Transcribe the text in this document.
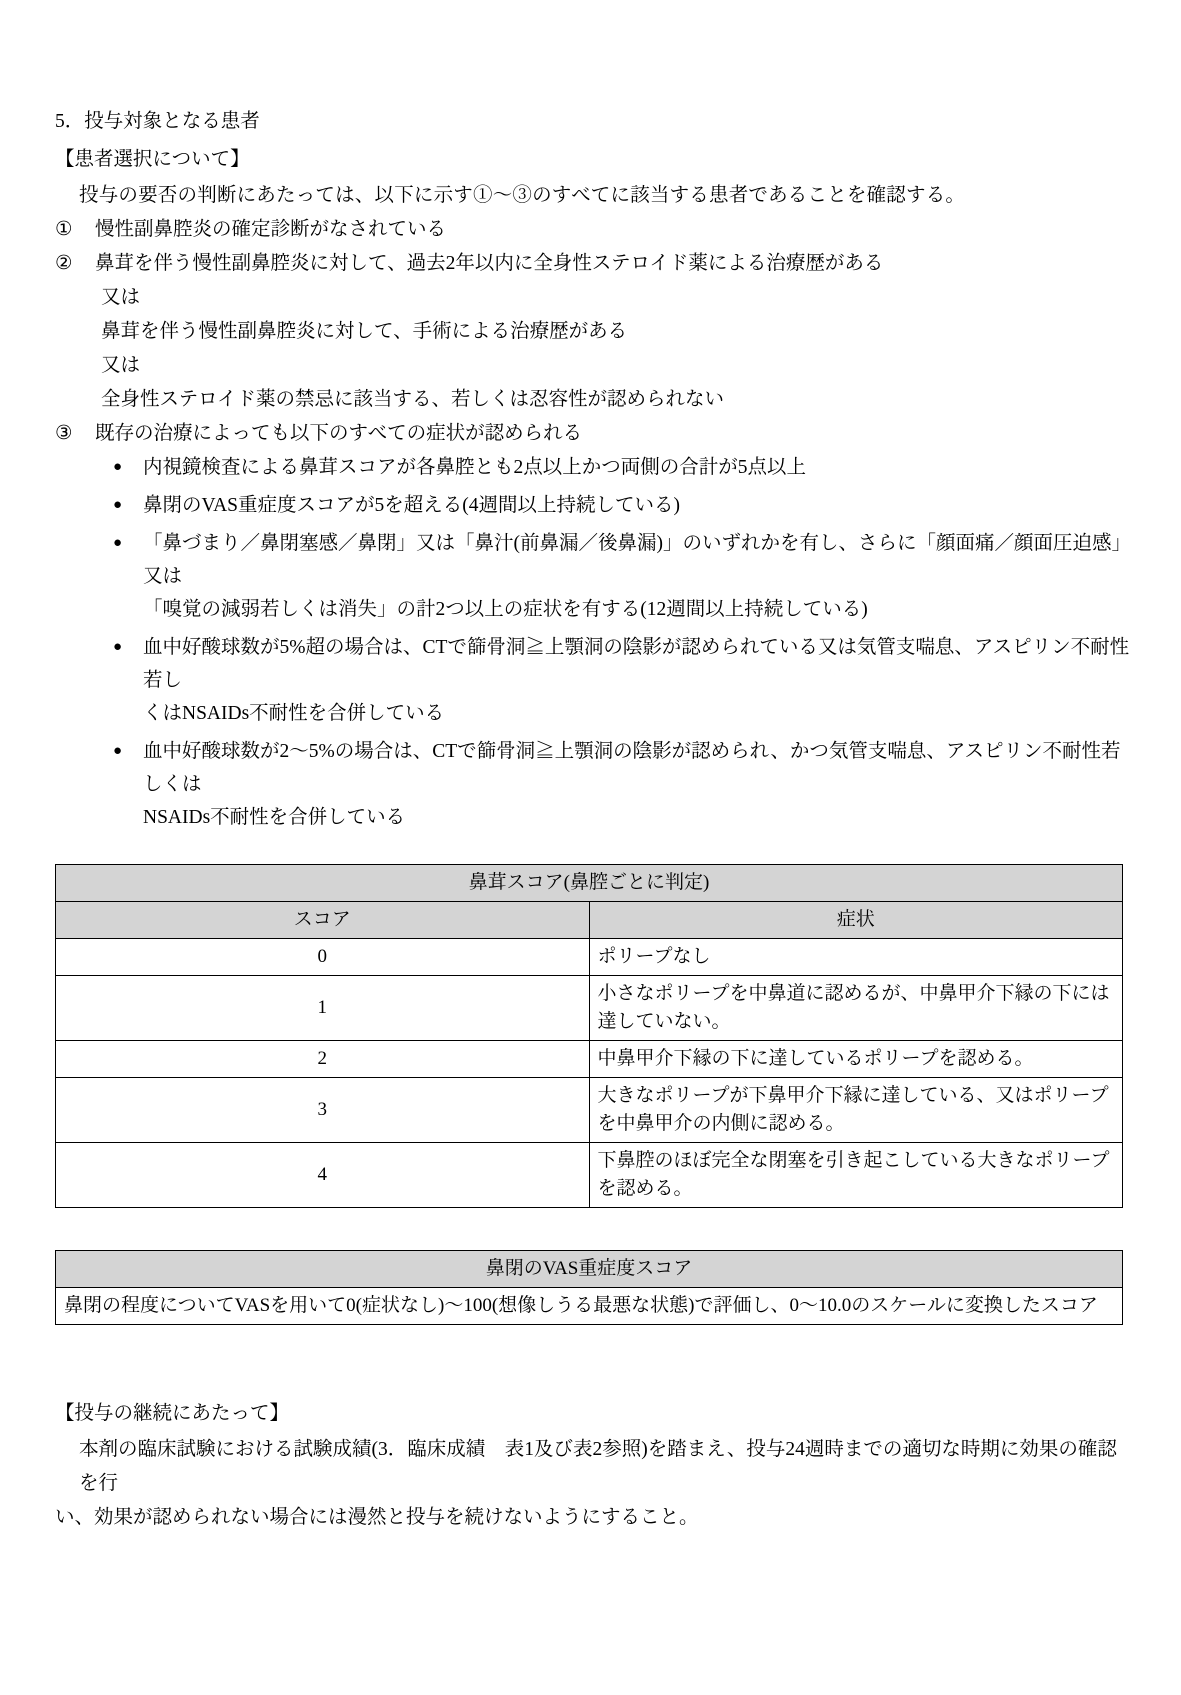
5．投与対象となる患者
【患者選択について】
投与の要否の判断にあたっては、以下に示す①～③のすべてに該当する患者であることを確認する。
①	慢性副鼻腔炎の確定診断がなされている
②	鼻茸を伴う慢性副鼻腔炎に対して、過去2年以内に全身性ステロイド薬による治療歴がある
又は
鼻茸を伴う慢性副鼻腔炎に対して、手術による治療歴がある
又は
全身性ステロイド薬の禁忌に該当する、若しくは忍容性が認められない
③	既存の治療によっても以下のすべての症状が認められる
●	内視鏡検査による鼻茸スコアが各鼻腔とも2点以上かつ両側の合計が5点以上
●	鼻閉のVAS重症度スコアが5を超える(4週間以上持続している)
●	「鼻づまり／鼻閉塞感／鼻閉」又は「鼻汁(前鼻漏／後鼻漏)」のいずれかを有し、さらに「顔面痛／顔面圧迫感」又は
「嗅覚の減弱若しくは消失」の計2つ以上の症状を有する(12週間以上持続している)
●	血中好酸球数が5%超の場合は、CTで篩骨洞≧上顎洞の陰影が認められている又は気管支喘息、アスピリン不耐性若し
くはNSAIDs不耐性を合併している
●	血中好酸球数が2～5%の場合は、CTで篩骨洞≧上顎洞の陰影が認められ、かつ気管支喘息、アスピリン不耐性若しくは
NSAIDs不耐性を合併している
鼻茸スコア(鼻腔ごとに判定)	
スコア	症状
0	ポリープなし
1	小さなポリープを中鼻道に認めるが、中鼻甲介下縁の下には達していない。
2	中鼻甲介下縁の下に達しているポリープを認める。
3	大きなポリープが下鼻甲介下縁に達している、又はポリープを中鼻甲介の内側に認める。
4	下鼻腔のほぼ完全な閉塞を引き起こしている大きなポリープを認める。
鼻閉のVAS重症度スコア
鼻閉の程度についてVASを用いて0(症状なし)～100(想像しうる最悪な状態)で評価し、0～10.0のスケールに変換したスコア
【投与の継続にあたって】
本剤の臨床試験における試験成績(3．臨床成績　表1及び表2参照)を踏まえ、投与24週時までの適切な時期に効果の確認を行
い、効果が認められない場合には漫然と投与を続けないようにすること。
